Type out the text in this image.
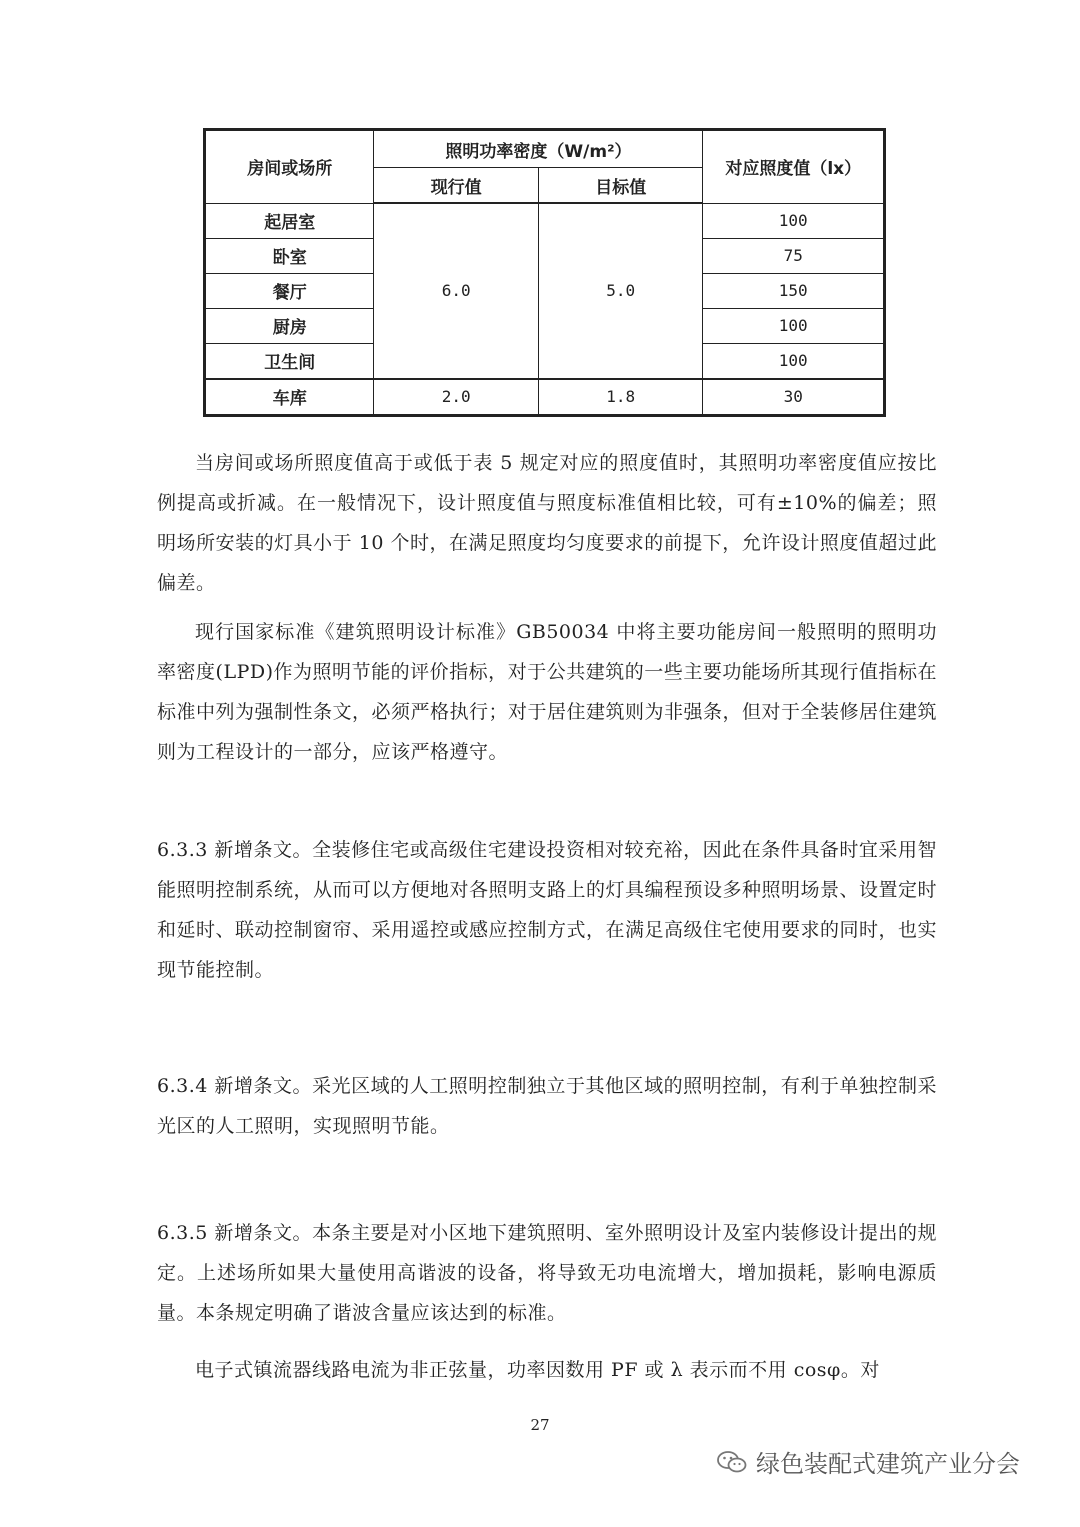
房间或场所	照明功率密度（W/m²）		对应照度值（lx）
	现行值	目标值	
起居室	6.0	5.0	100
卧室			75
餐厅			150
厨房			100
卫生间			100
车库	2.0	1.8	30

当房间或场所照度值高于或低于表 5 规定对应的照度值时，其照明功率密度值应按比例提高或折减。在一般情况下，设计照度值与照度标准值相比较，可有±10%的偏差；照明场所安装的灯具小于 10 个时，在满足照度均匀度要求的前提下，允许设计照度值超过此偏差。

现行国家标准《建筑照明设计标准》GB50034 中将主要功能房间一般照明的照明功率密度(LPD)作为照明节能的评价指标，对于公共建筑的一些主要功能场所其现行值指标在标准中列为强制性条文，必须严格执行；对于居住建筑则为非强条，但对于全装修居住建筑则为工程设计的一部分，应该严格遵守。

6.3.3 新增条文。全装修住宅或高级住宅建设投资相对较充裕，因此在条件具备时宜采用智能照明控制系统，从而可以方便地对各照明支路上的灯具编程预设多种照明场景、设置定时和延时、联动控制窗帘、采用遥控或感应控制方式，在满足高级住宅使用要求的同时，也实现节能控制。

6.3.4 新增条文。采光区域的人工照明控制独立于其他区域的照明控制，有利于单独控制采光区的人工照明，实现照明节能。

6.3.5 新增条文。本条主要是对小区地下建筑照明、室外照明设计及室内装修设计提出的规定。上述场所如果大量使用高谐波的设备，将导致无功电流增大，增加损耗，影响电源质量。本条规定明确了谐波含量应该达到的标准。

电子式镇流器线路电流为非正弦量，功率因数用 PF 或 λ 表示而不用 cosφ。对

27
绿色装配式建筑产业分会
